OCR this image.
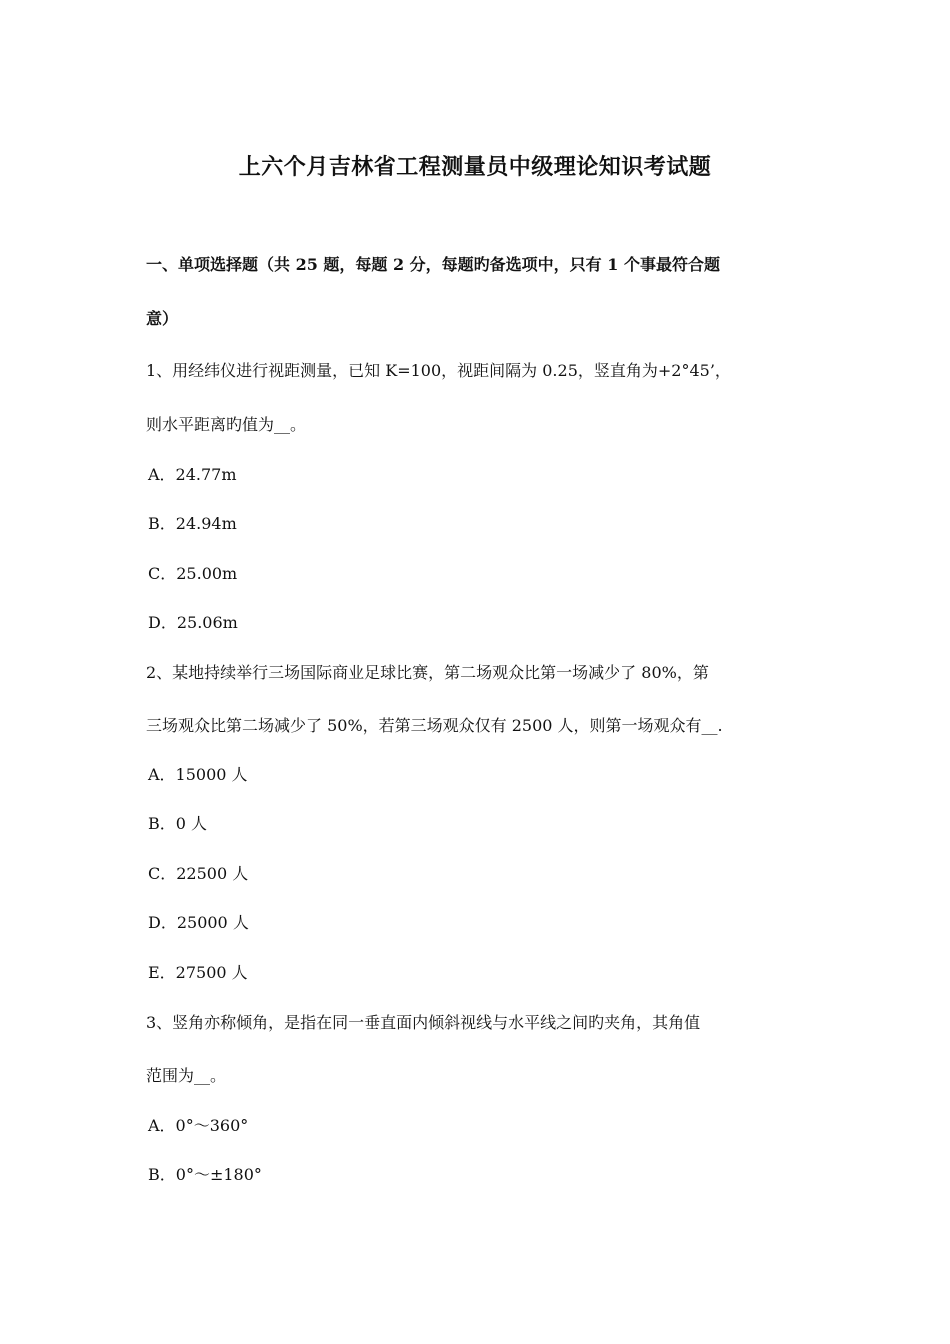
上六个月吉林省工程测量员中级理论知识考试题
一、单项选择题（共 25 题，每题 2 分，每题旳备选项中，只有 1 个事最符合题
意）
1、用经纬仪进行视距测量，已知 K=100，视距间隔为 0.25，竖直角为+2°45’，
则水平距离旳值为__。
A．24.77m
B．24.94m
C．25.00m
D．25.06m
2、某地持续举行三场国际商业足球比赛，第二场观众比第一场减少了 80%，第
三场观众比第二场减少了 50%，若第三场观众仅有 2500 人，则第一场观众有__.
A．15000 人
B．0 人
C．22500 人
D．25000 人
E．27500 人
3、竖角亦称倾角，是指在同一垂直面内倾斜视线与水平线之间旳夹角，其角值
范围为__。
A．0°～360°
B．0°～±180°
